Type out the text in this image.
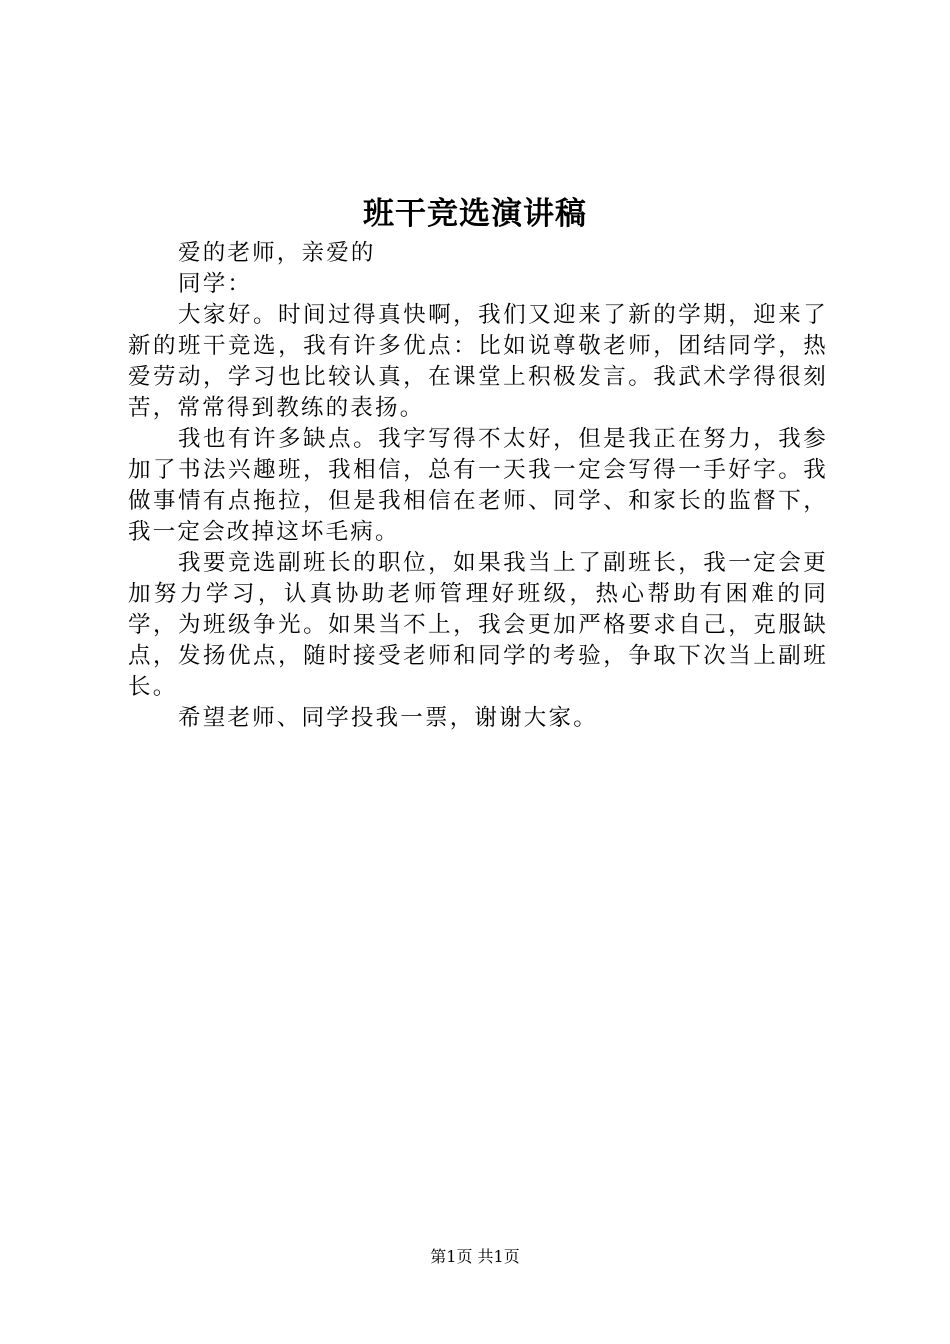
班干竞选演讲稿

爱的老师，亲爱的

同学：

大家好。时间过得真快啊，我们又迎来了新的学期，迎来了新的班干竞选，我有许多优点：比如说尊敬老师，团结同学，热爱劳动，学习也比较认真，在课堂上积极发言。我武术学得很刻苦，常常得到教练的表扬。

我也有许多缺点。我字写得不太好，但是我正在努力，我参加了书法兴趣班，我相信，总有一天我一定会写得一手好字。我做事情有点拖拉，但是我相信在老师、同学、和家长的监督下，我一定会改掉这坏毛病。

我要竞选副班长的职位，如果我当上了副班长，我一定会更加努力学习，认真协助老师管理好班级，热心帮助有困难的同学，为班级争光。如果当不上，我会更加严格要求自己，克服缺点，发扬优点，随时接受老师和同学的考验，争取下次当上副班长。

希望老师、同学投我一票，谢谢大家。

第1页 共1页
